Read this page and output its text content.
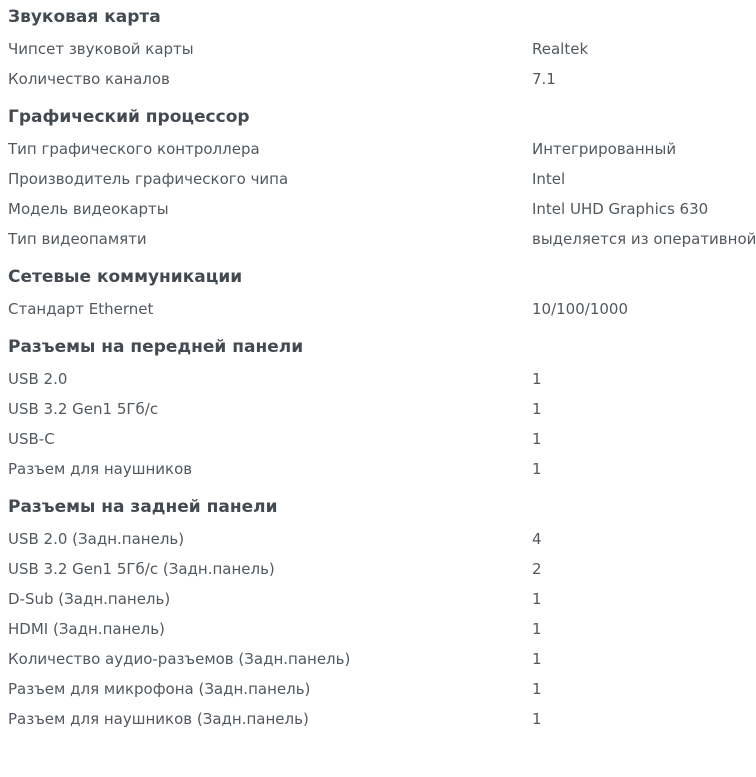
Звуковая карта
Чипсет звуковой карты	Realtek
Количество каналов	7.1
Графический процессор
Тип графического контроллера	Интегрированный
Производитель графического чипа	Intel
Модель видеокарты	Intel UHD Graphics 630
Тип видеопамяти	выделяется из оперативной
Сетевые коммуникации
Стандарт Ethernet	10/100/1000
Разъемы на передней панели
USB 2.0	1
USB 3.2 Gen1 5Гб/с	1
USB-C	1
Разъем для наушников	1
Разъемы на задней панели
USB 2.0 (Задн.панель)	4
USB 3.2 Gen1 5Гб/с (Задн.панель)	2
D-Sub (Задн.панель)	1
HDMI (Задн.панель)	1
Количество аудио-разъемов (Задн.панель)	1
Разъем для микрофона (Задн.панель)	1
Разъем для наушников (Задн.панель)	1
